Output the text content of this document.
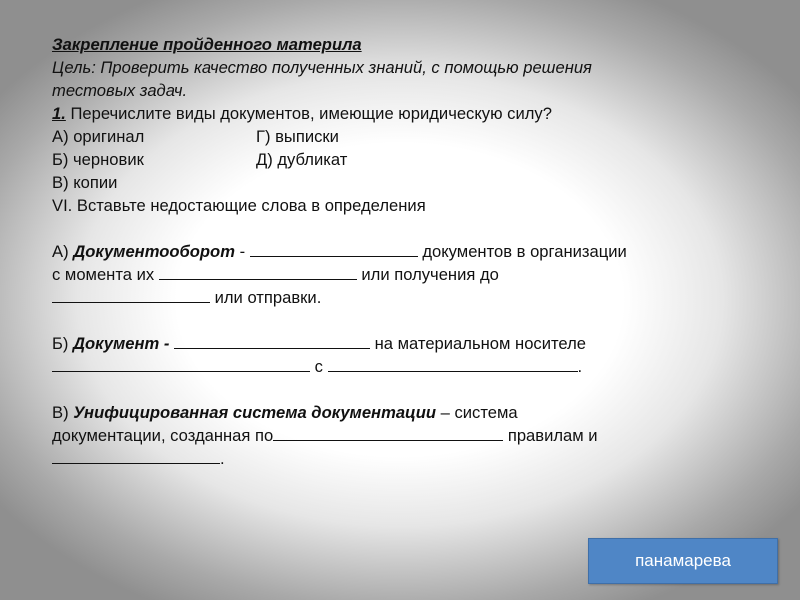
Закрепление пройденного материла
Цель: Проверить качество полученных знаний, с помощью решения
тестовых задач.
1. Перечислите виды документов, имеющие юридическую силу?
А) оригинал	Г) выписки
Б) черновик	Д) дубликат
В) копии
VI. Вставьте недостающие слова в определения
А) Документооборот -	документов в организации
с момента их	или получения до
или отправки.
Б) Документ -	на материальном носителе
с	.
В) Унифицированная система документации – система
документации, созданная по	правилам и
.
панамарева
